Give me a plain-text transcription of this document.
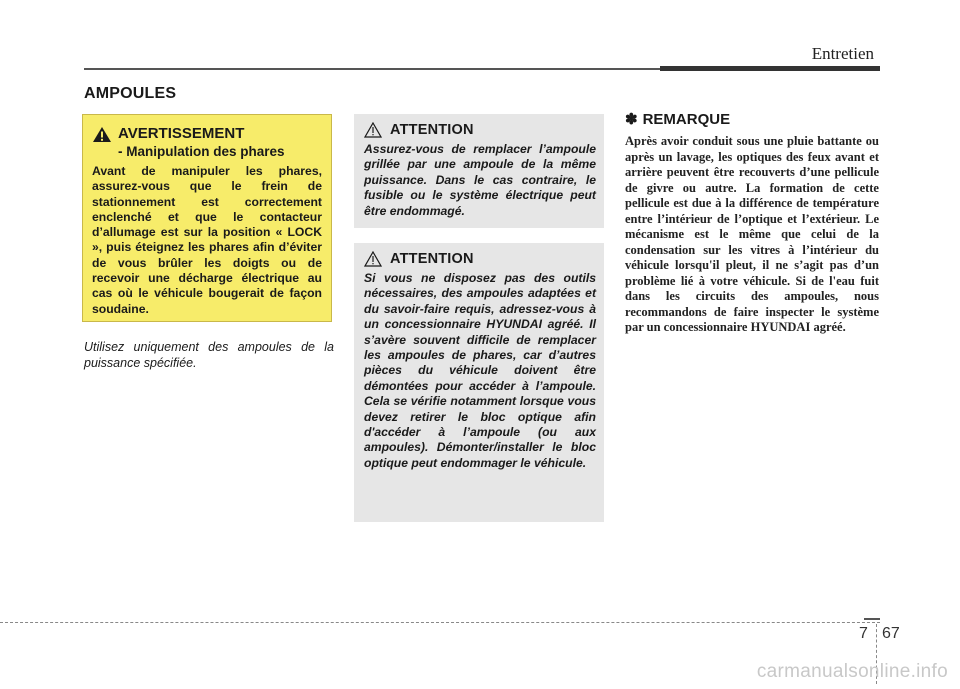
Entretien
AMPOULES
AVERTISSEMENT
- Manipulation des phares
Avant de manipuler les phares, assurez-vous que le frein de stationnement est correctement enclenché et que le contacteur d’allumage est sur la position « LOCK », puis éteignez les phares afin d’éviter de vous brûler les doigts ou de recevoir une décharge électrique au cas où le véhicule bougerait de façon soudaine.
Utilisez uniquement des ampoules de la puissance spécifiée.
ATTENTION
Assurez-vous de remplacer l’ampoule grillée par une ampoule de la même puissance. Dans le cas contraire, le fusible ou le système électrique peut être endommagé.
ATTENTION
Si vous ne disposez pas des outils nécessaires, des ampoules adaptées et du savoir-faire requis, adressez-vous à un concessionnaire HYUNDAI agréé. Il s’avère souvent difficile de remplacer les ampoules de phares, car d’autres pièces du véhicule doivent être démontées pour accéder à l’ampoule. Cela se vérifie notamment lorsque vous devez retirer le bloc optique afin d'accéder à l’ampoule (ou aux ampoules). Démonter/installer le bloc optique peut endommager le véhicule.
✽ REMARQUE
Après avoir conduit sous une pluie battante ou après un lavage, les optiques des feux avant et arrière peuvent être recouverts d’une pellicule de givre ou autre. La formation de cette pellicule est due à la différence de température entre l’intérieur de l’optique et l’extérieur. Le mécanisme est le même que celui de la condensation sur les vitres à l’intérieur du véhicule lorsqu'il pleut, il ne s’agit pas d’un problème lié à votre véhicule. Si de l'eau fuit dans les circuits des ampoules, nous recommandons de faire inspecter le système par un concessionnaire HYUNDAI agréé.
7 67
carmanualsonline.info
